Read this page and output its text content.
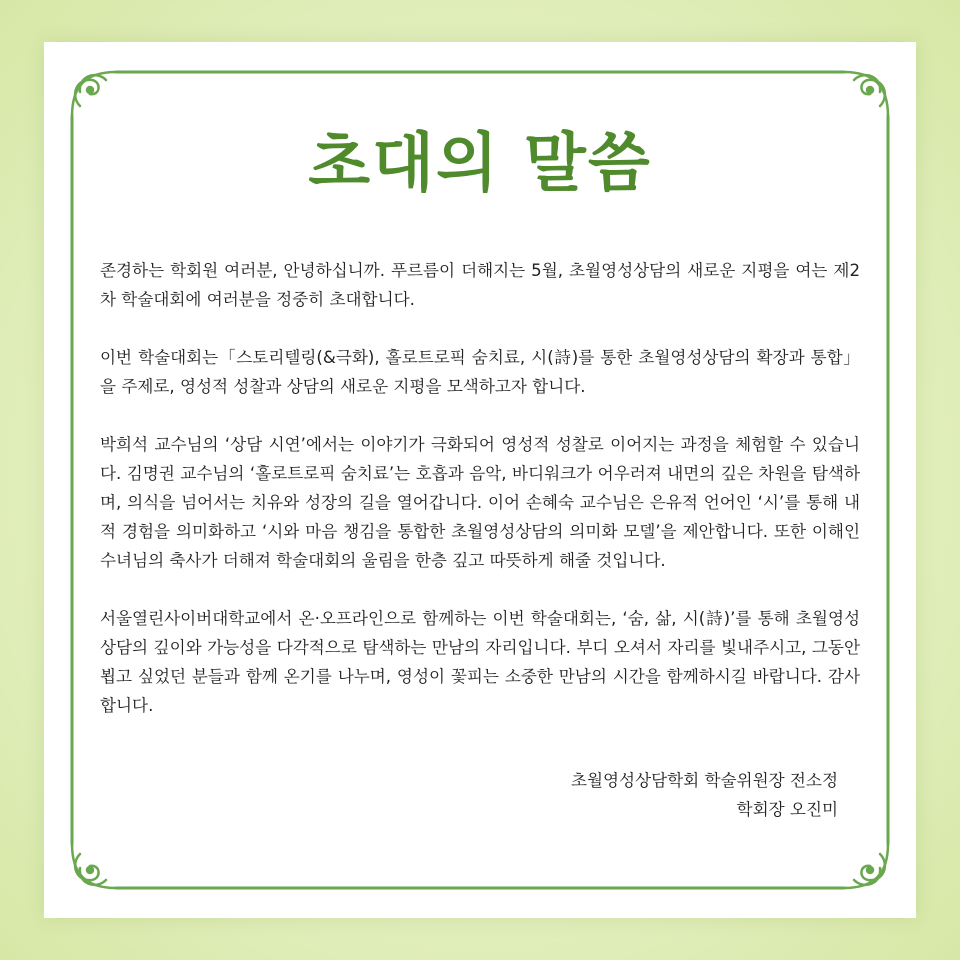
초대의 말씀

존경하는 학회원 여러분, 안녕하십니까. 푸르름이 더해지는 5월, 초월영성상담의 새로운 지평을 여는 제2차 학술대회에 여러분을 정중히 초대합니다.

이번 학술대회는「스토리텔링(&극화), 홀로트로픽 숨치료, 시(詩)를 통한 초월영성상담의 확장과 통합」을 주제로, 영성적 성찰과 상담의 새로운 지평을 모색하고자 합니다.

박희석 교수님의 ‘상담 시연’에서는 이야기가 극화되어 영성적 성찰로 이어지는 과정을 체험할 수 있습니다. 김명권 교수님의 ‘홀로트로픽 숨치료’는 호흡과 음악, 바디워크가 어우러져 내면의 깊은 차원을 탐색하며, 의식을 넘어서는 치유와 성장의 길을 열어갑니다. 이어 손혜숙 교수님은 은유적 언어인 ‘시’를 통해 내적 경험을 의미화하고 ‘시와 마음 챙김을 통합한 초월영성상담의 의미화 모델’을 제안합니다. 또한 이해인 수녀님의 축사가 더해져 학술대회의 울림을 한층 깊고 따뜻하게 해줄 것입니다.

서울열린사이버대학교에서 온·오프라인으로 함께하는 이번 학술대회는, ‘숨, 삶, 시(詩)’를 통해 초월영성상담의 깊이와 가능성을 다각적으로 탐색하는 만남의 자리입니다. 부디 오셔서 자리를 빛내주시고, 그동안 뵙고 싶었던 분들과 함께 온기를 나누며, 영성이 꽃피는 소중한 만남의 시간을 함께하시길 바랍니다. 감사합니다.

초월영성상담학회 학술위원장 전소정
학회장 오진미
